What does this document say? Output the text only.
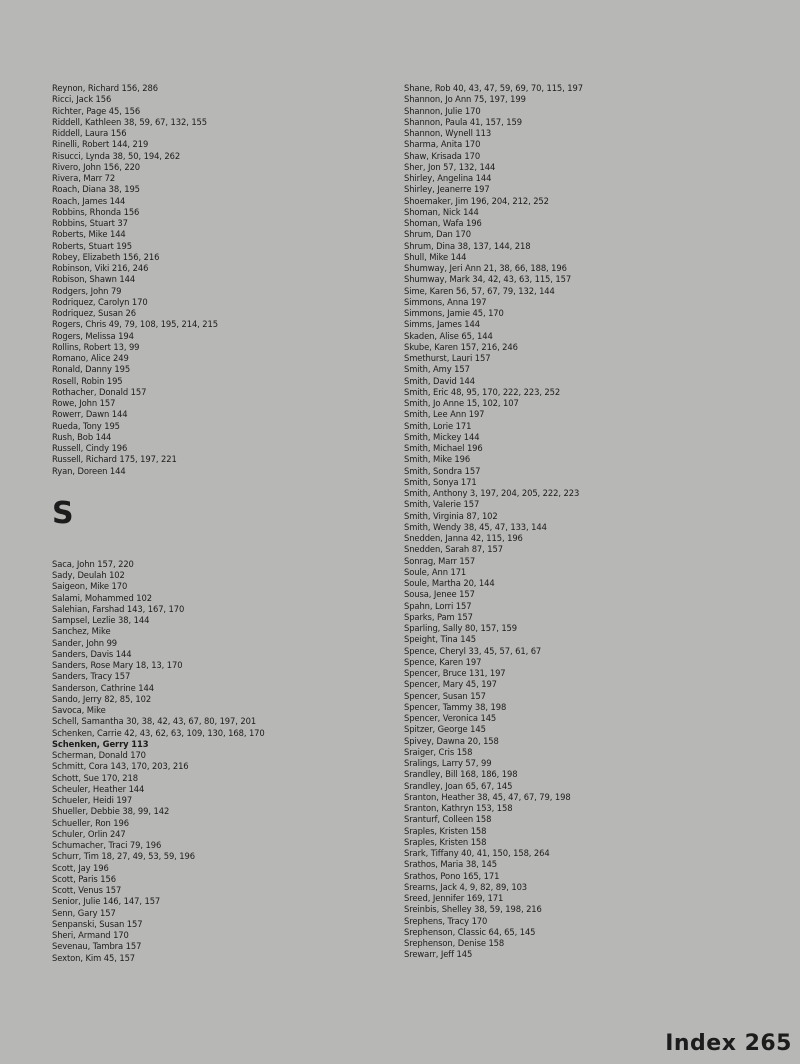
Reynon, Richard 156, 286
Ricci, Jack 156
Richter, Page 45, 156
Riddell, Kathleen 38, 59, 67, 132, 155
Riddell, Laura 156
Rinelli, Robert 144, 219
Risucci, Lynda 38, 50, 194, 262
Rivero, John 156, 220
Rivera, Marr 72
Roach, Diana 38, 195
Roach, James 144
Robbins, Rhonda 156
Robbins, Stuart 37
Roberts, Mike 144
Roberts, Stuart 195
Robey, Elizabeth 156, 216
Robinson, Viki 216, 246
Robison, Shawn 144
Rodgers, John 79
Rodriquez, Carolyn 170
Rodriquez, Susan 26
Rogers, Chris 49, 79, 108, 195, 214, 215
Rogers, Melissa 194
Rollins, Robert 13, 99
Romano, Alice 249
Ronald, Danny 195
Rosell, Robin 195
Rothacher, Donald 157
Rowe, John 157
Rowerr, Dawn 144
Rueda, Tony 195
Rush, Bob 144
Russell, Cindy 196
Russell, Richard 175, 197, 221
Ryan, Doreen 144
S
Saca, John 157, 220
Sady, Deulah 102
Saigeon, Mike 170
Salami, Mohammed 102
Salehian, Farshad 143, 167, 170
Sampsel, Lezlie 38, 144
Sanchez, Mike
Sander, John 99
Sanders, Davis 144
Sanders, Rose Mary 18, 13, 170
Sanders, Tracy 157
Sanderson, Cathrine 144
Sando, Jerry 82, 85, 102
Savoca, Mike
Schell, Samantha 30, 38, 42, 43, 67, 80, 197, 201
Schenken, Carrie 42, 43, 62, 63, 109, 130, 168, 170
Schenken, Gerry 113
Scherman, Donald 170
Schmitt, Cora 143, 170, 203, 216
Schott, Sue 170, 218
Scheuler, Heather 144
Schueler, Heidi 197
Shueller, Debbie 38, 99, 142
Schueller, Ron 196
Schuler, Orlin 247
Schumacher, Traci 79, 196
Schurr, Tim 18, 27, 49, 53, 59, 196
Scott, Jay 196
Scott, Paris 156
Scott, Venus 157
Senior, Julie 146, 147, 157
Senn, Gary 157
Senpanski, Susan 157
Sheri, Armand 170
Sevenau, Tambra 157
Sexton, Kim 45, 157
Shane, Rob 40, 43, 47, 59, 69, 70, 115, 197
Shannon, Jo Ann 75, 197, 199
Shannon, Julie 170
Shannon, Paula 41, 157, 159
Shannon, Wynell 113
Sharma, Anita 170
Shaw, Krisada 170
Sher, Jon 57, 132, 144
Shirley, Angelina 144
Shirley, Jeanerre 197
Shoemaker, Jim 196, 204, 212, 252
Shoman, Nick 144
Shoman, Wafa 196
Shrum, Dan 170
Shrum, Dina 38, 137, 144, 218
Shull, Mike 144
Shumway, Jeri Ann 21, 38, 66, 188, 196
Shumway, Mark 34, 42, 43, 63, 115, 157
Sime, Karen 56, 57, 67, 79, 132, 144
Simmons, Anna 197
Simmons, Jamie 45, 170
Simms, James 144
Skaden, Alise 65, 144
Skube, Karen 157, 216, 246
Smethurst, Lauri 157
Smith, Amy 157
Smith, David 144
Smith, Eric 48, 95, 170, 222, 223, 252
Smith, Jo Anne 15, 102, 107
Smith, Lee Ann 197
Smith, Lorie 171
Smith, Mickey 144
Smith, Michael 196
Smith, Mike 196
Smith, Sondra 157
Smith, Sonya 171
Smith, Anthony 3, 197, 204, 205, 222, 223
Smith, Valerie 157
Smith, Virginia 87, 102
Smith, Wendy 38, 45, 47, 133, 144
Snedden, Janna 42, 115, 196
Snedden, Sarah 87, 157
Sonrag, Marr 157
Soule, Ann 171
Soule, Martha 20, 144
Sousa, Jenee 157
Spahn, Lorri 157
Sparks, Pam 157
Sparling, Sally 80, 157, 159
Speight, Tina 145
Spence, Cheryl 33, 45, 57, 61, 67
Spence, Karen 197
Spencer, Bruce 131, 197
Spencer, Mary 45, 197
Spencer, Susan 157
Spencer, Tammy 38, 198
Spencer, Veronica 145
Spitzer, George 145
Spivey, Dawna 20, 158
Sraiger, Cris 158
Sralings, Larry 57, 99
Srandley, Bill 168, 186, 198
Srandley, Joan 65, 67, 145
Sranton, Heather 38, 45, 47, 67, 79, 198
Sranton, Kathryn 153, 158
Sranturf, Colleen 158
Sraples, Kristen 158
Sraples, Kristen 158
Srark, Tiffany 40, 41, 150, 158, 264
Srathos, Maria 38, 145
Srathos, Pono 165, 171
Srearns, Jack 4, 9, 82, 89, 103
Sreed, Jennifer 169, 171
Sreinbis, Shelley 38, 59, 198, 216
Srephens, Tracy 170
Srephenson, Classic 64, 65, 145
Srephenson, Denise 158
Srewarr, Jeff 145
Index 265
